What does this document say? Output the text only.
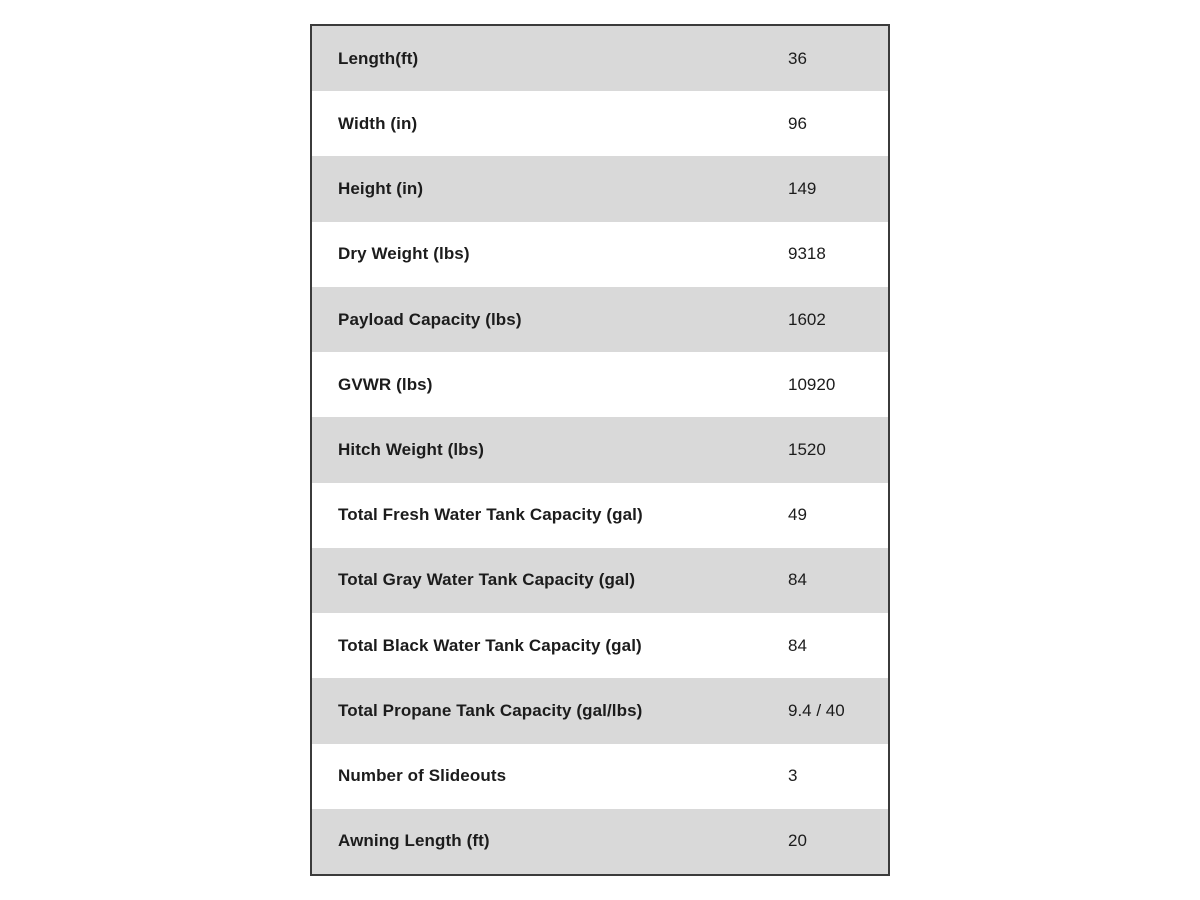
Length(ft)	36
Width (in)	96
Height (in)	149
Dry Weight (lbs)	9318
Payload Capacity (lbs)	1602
GVWR (lbs)	10920
Hitch Weight (lbs)	1520
Total Fresh Water Tank Capacity (gal)	49
Total Gray Water Tank Capacity (gal)	84
Total Black Water Tank Capacity (gal)	84
Total Propane Tank Capacity (gal/lbs)	9.4 / 40
Number of Slideouts	3
Awning Length (ft)	20
